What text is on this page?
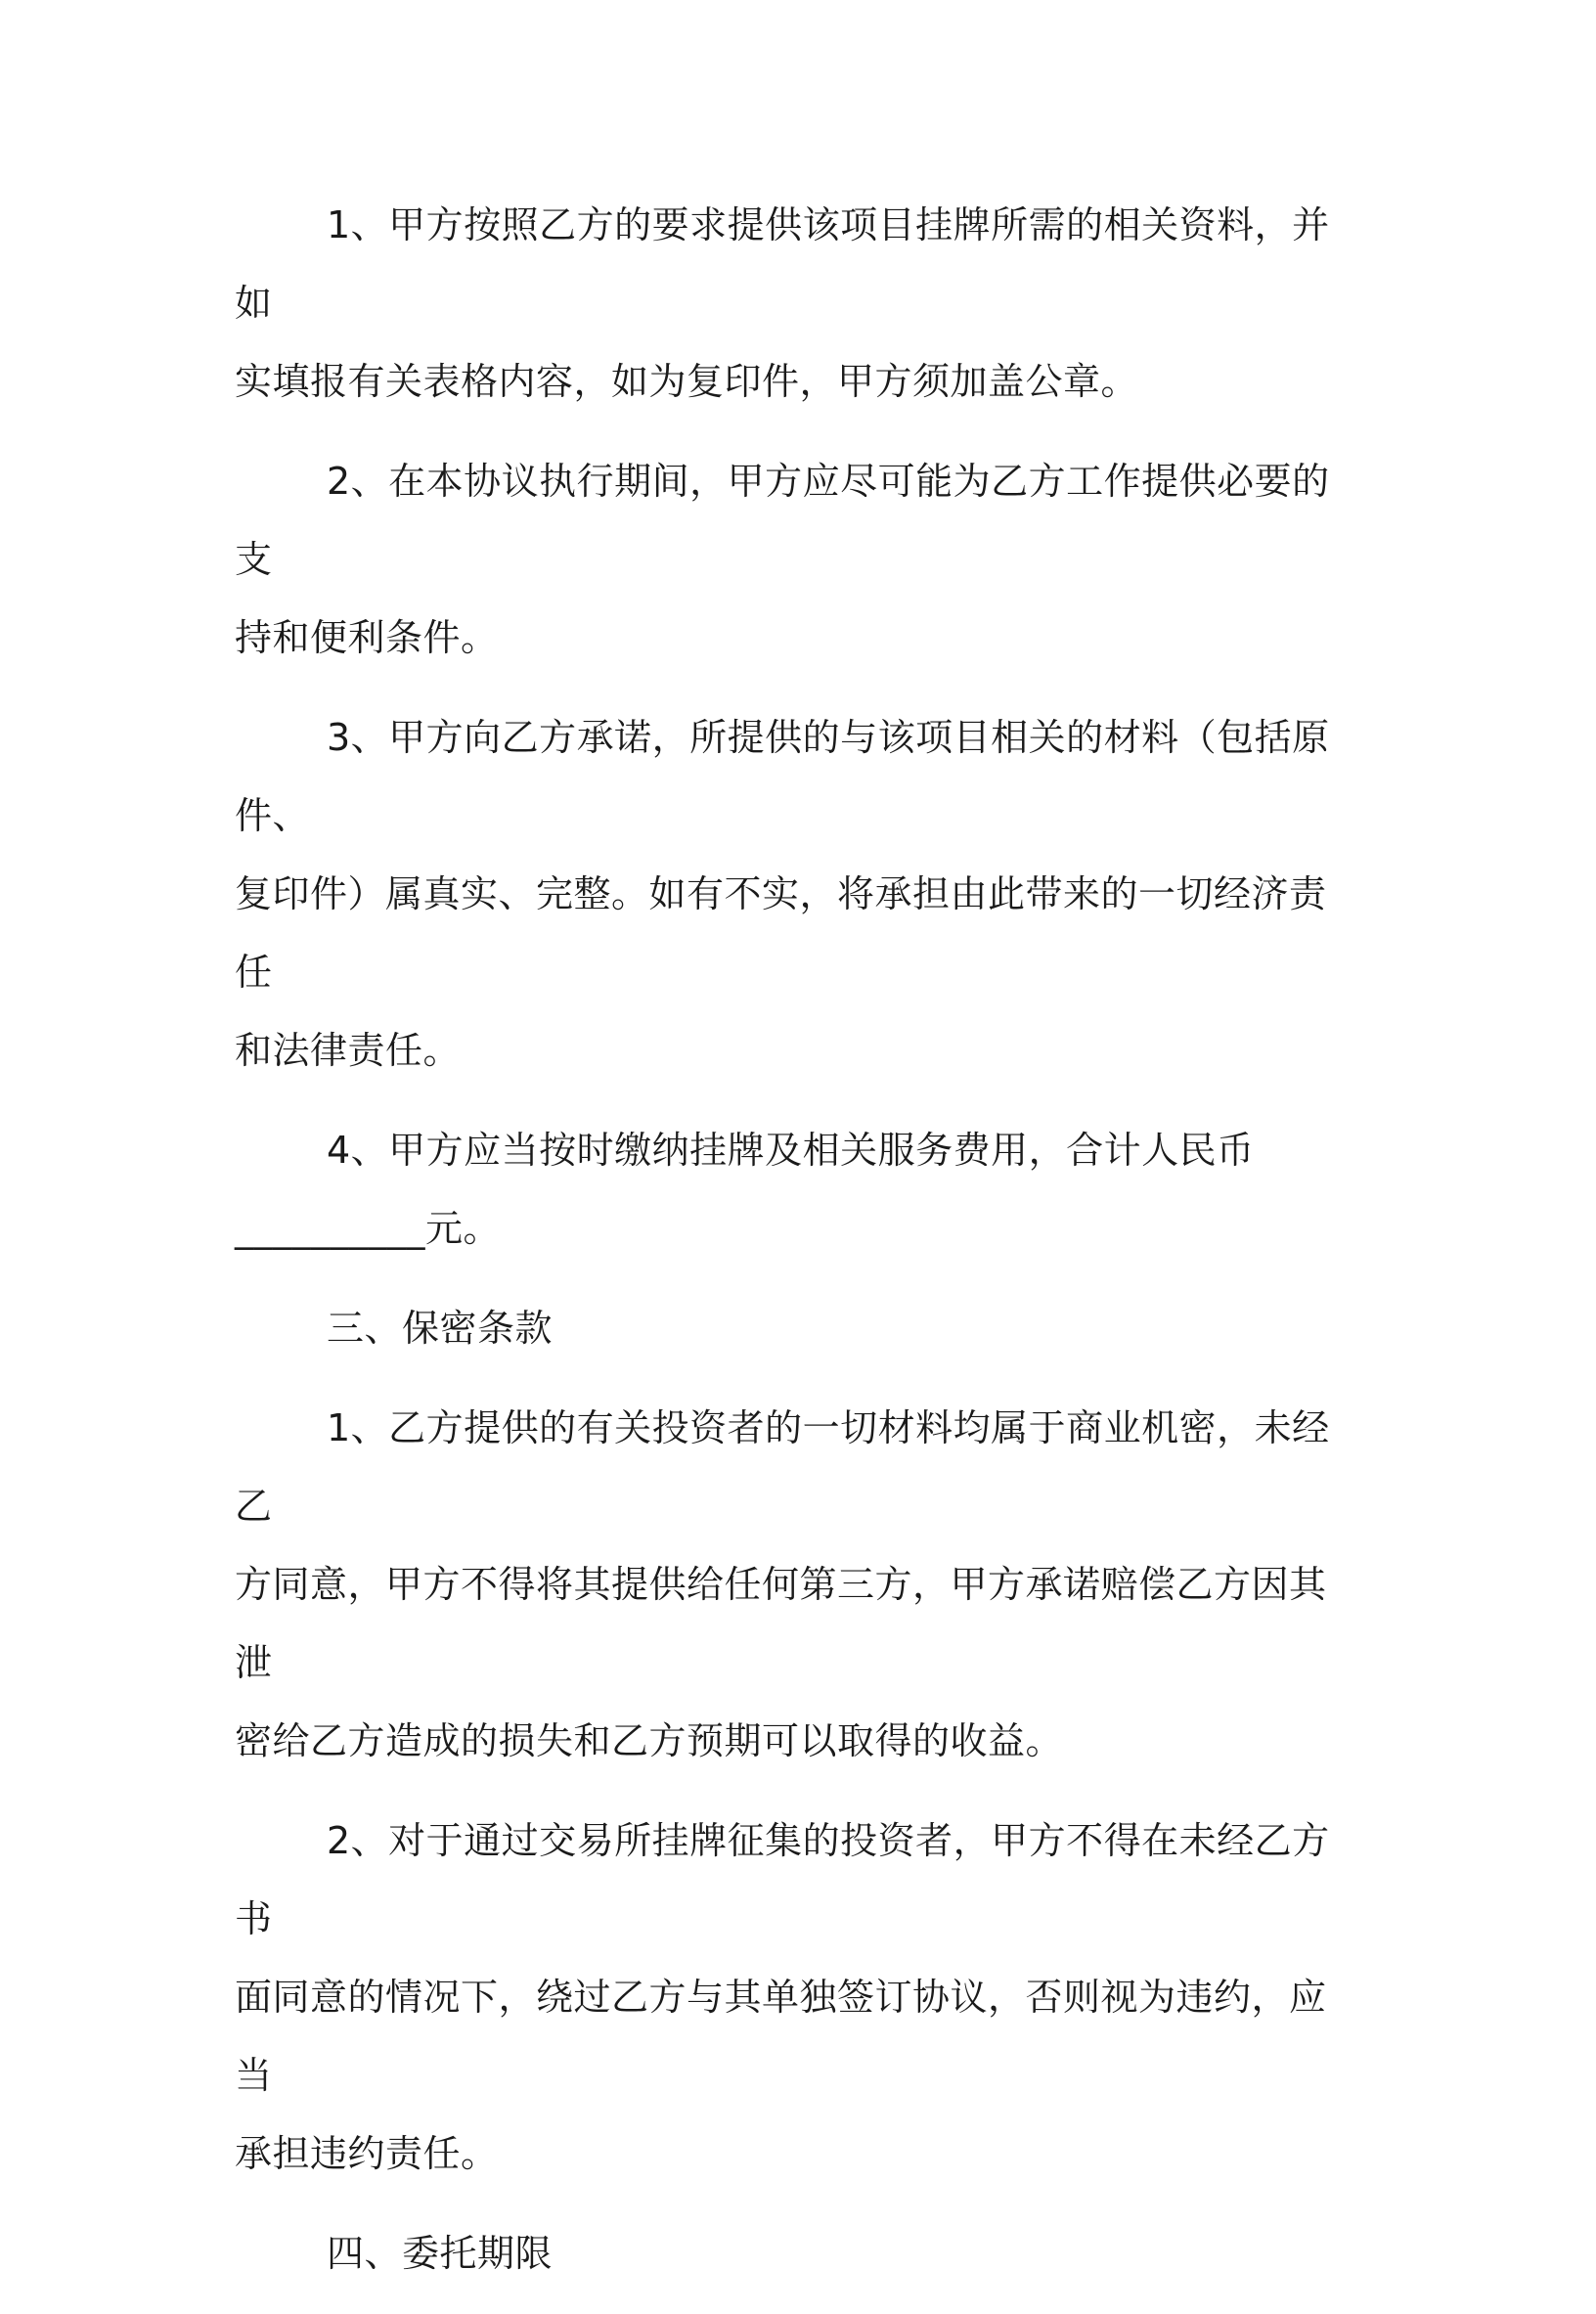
1、甲方按照乙方的要求提供该项目挂牌所需的相关资料，并如
实填报有关表格内容，如为复印件，甲方须加盖公章。
2、在本协议执行期间，甲方应尽可能为乙方工作提供必要的支
持和便利条件。
3、甲方向乙方承诺，所提供的与该项目相关的材料（包括原件、
复印件）属真实、完整。如有不实，将承担由此带来的一切经济责任
和法律责任。
4、甲方应当按时缴纳挂牌及相关服务费用，合计人民币
__________元。
三、保密条款
1、乙方提供的有关投资者的一切材料均属于商业机密，未经乙
方同意，甲方不得将其提供给任何第三方，甲方承诺赔偿乙方因其泄
密给乙方造成的损失和乙方预期可以取得的收益。
2、对于通过交易所挂牌征集的投资者，甲方不得在未经乙方书
面同意的情况下，绕过乙方与其单独签订协议，否则视为违约，应当
承担违约责任。
四、委托期限
